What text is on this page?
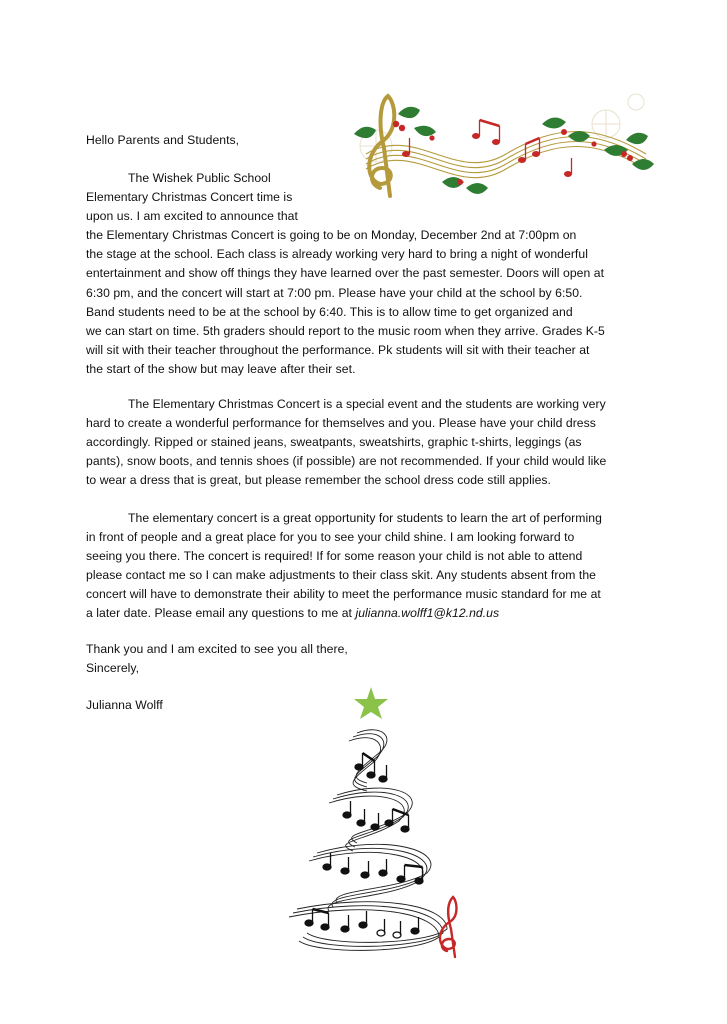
Hello Parents and Students,
The Wishek Public School
Elementary Christmas Concert time is
upon us. I am excited to announce that
the Elementary Christmas Concert is going to be on Monday, December 2nd at 7:00pm on
the stage at the school. Each class is already working very hard to bring a night of wonderful
entertainment and show off things they have learned over the past semester. Doors will open at
6:30 pm, and the concert will start at 7:00 pm. Please have your child at the school by 6:50.
Band students need to be at the school by 6:40. This is to allow time to get organized and
we can start on time. 5th graders should report to the music room when they arrive. Grades K-5
will sit with their teacher throughout the performance. Pk students will sit with their teacher at
the start of the show but may leave after their set.
The Elementary Christmas Concert is a special event and the students are working very
hard to create a wonderful performance for themselves and you. Please have your child dress
accordingly. Ripped or stained jeans, sweatpants, sweatshirts, graphic t-shirts, leggings (as
pants), snow boots, and tennis shoes (if possible) are not recommended. If your child would like
to wear a dress that is great, but please remember the school dress code still applies.
The elementary concert is a great opportunity for students to learn the art of performing
in front of people and a great place for you to see your child shine. I am looking forward to
seeing you there. The concert is required! If for some reason your child is not able to attend
please contact me so I can make adjustments to their class skit. Any students absent from the
concert will have to demonstrate their ability to meet the performance music standard for me at
a later date. Please email any questions to me at julianna.wolff1@k12.nd.us
Thank you and I am excited to see you all there,
Sincerely,
Julianna Wolff
